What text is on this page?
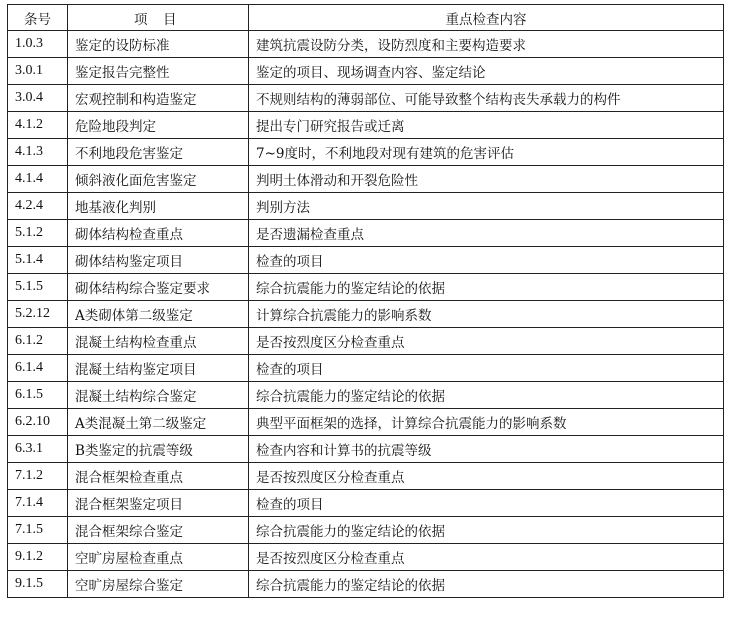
条号	项　目	重点检查内容
1.0.3	鉴定的设防标准	建筑抗震设防分类，设防烈度和主要构造要求
3.0.1	鉴定报告完整性	鉴定的项目、现场调查内容、鉴定结论
3.0.4	宏观控制和构造鉴定	不规则结构的薄弱部位、可能导致整个结构丧失承载力的构件
4.1.2	危险地段判定	提出专门研究报告或迁离
4.1.3	不利地段危害鉴定	7~9度时，不利地段对现有建筑的危害评估
4.1.4	倾斜液化面危害鉴定	判明土体滑动和开裂危险性
4.2.4	地基液化判别	判别方法
5.1.2	砌体结构检查重点	是否遗漏检查重点
5.1.4	砌体结构鉴定项目	检查的项目
5.1.5	砌体结构综合鉴定要求	综合抗震能力的鉴定结论的依据
5.2.12	A类砌体第二级鉴定	计算综合抗震能力的影响系数
6.1.2	混凝土结构检查重点	是否按烈度区分检查重点
6.1.4	混凝土结构鉴定项目	检查的项目
6.1.5	混凝土结构综合鉴定	综合抗震能力的鉴定结论的依据
6.2.10	A类混凝土第二级鉴定	典型平面框架的选择，计算综合抗震能力的影响系数
6.3.1	B类鉴定的抗震等级	检查内容和计算书的抗震等级
7.1.2	混合框架检查重点	是否按烈度区分检查重点
7.1.4	混合框架鉴定项目	检查的项目
7.1.5	混合框架综合鉴定	综合抗震能力的鉴定结论的依据
9.1.2	空旷房屋检查重点	是否按烈度区分检查重点
9.1.5	空旷房屋综合鉴定	综合抗震能力的鉴定结论的依据
